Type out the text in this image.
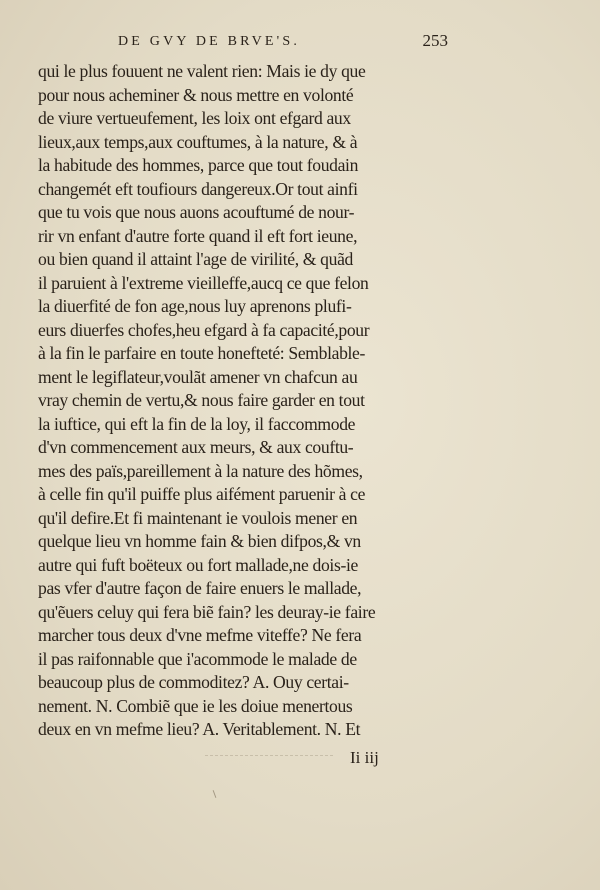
DE GVY DE BRVE'S.	253
qui le plus fouuent ne valent rien: Mais ie dy que
pour nous acheminer & nous mettre en volonté
de viure vertueufement, les loix ont efgard aux
lieux,aux temps,aux couftumes, à la nature, & à
la habitude des hommes, parce que tout foudain
changemét eft toufiours dangereux.Or tout ainfi
que tu vois que nous auons acouftumé de nour-
rir vn enfant d'autre forte quand il eft fort ieune,
ou bien quand il attaint l'age de virilité, & quãd
il paruient à l'extreme vieilleffe,aucq ce que felon
la diuerfité de fon age,nous luy aprenons plufi-
eurs diuerfes chofes,heu efgard à fa capacité,pour
à la fin le parfaire en toute honefteté: Semblable-
ment le legiflateur,voulãt amener vn chafcun au
vray chemin de vertu,& nous faire garder en tout
la iuftice, qui eft la fin de la loy, il faccommode
d'vn commencement aux meurs, & aux couftu-
mes des païs,pareillement à la nature des hõmes,
à celle fin qu'il puiffe plus aifément paruenir à ce
qu'il defire.Et fi maintenant ie voulois mener en
quelque lieu vn homme fain & bien difpos,& vn
autre qui fuft boëteux ou fort mallade,ne dois-ie
pas vfer d'autre façon de faire enuers le mallade,
qu'ẽuers celuy qui fera biẽ fain? les deuray-ie faire
marcher tous deux d'vne mefme viteffe? Ne fera
il pas raifonnable que i'acommode le malade de
beaucoup plus de commoditez? A. Ouy certai-
nement. N. Combiẽ que ie les doiue menertous
deux en vn mefme lieu? A. Veritablement. N. Et
Ii iij
